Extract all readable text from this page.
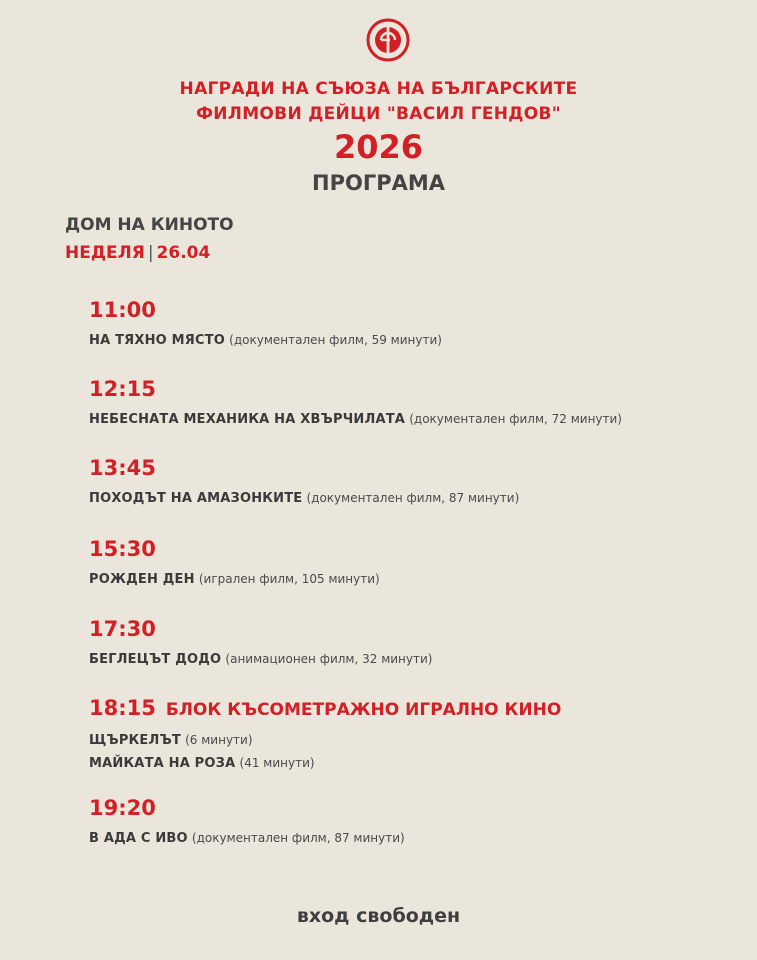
НАГРАДИ НА СЪЮЗА НА БЪЛГАРСКИТЕ
ФИЛМОВИ ДЕЙЦИ "ВАСИЛ ГЕНДОВ"
2026
ПРОГРАМА
ДОМ НА КИНОТО
НЕДЕЛЯ | 26.04
11:00
НА ТЯХНО МЯСТО (документален филм, 59 минути)
12:15
НЕБЕСНАТА МЕХАНИКА НА ХВЪРЧИЛАТА (документален филм, 72 минути)
13:45
ПОХОДЪТ НА АМАЗОНКИТЕ (документален филм, 87 минути)
15:30
РОЖДЕН ДЕН (игрален филм, 105 минути)
17:30
БЕГЛЕЦЪТ ДОДО (анимационен филм, 32 минути)
18:15 БЛОК КЪСОМЕТРАЖНО ИГРАЛНО КИНО
ЩЪРКЕЛЪТ (6 минути)
МАЙКАТА НА РОЗА (41 минути)
19:20
В АДА С ИВО (документален филм, 87 минути)
вход свободен
